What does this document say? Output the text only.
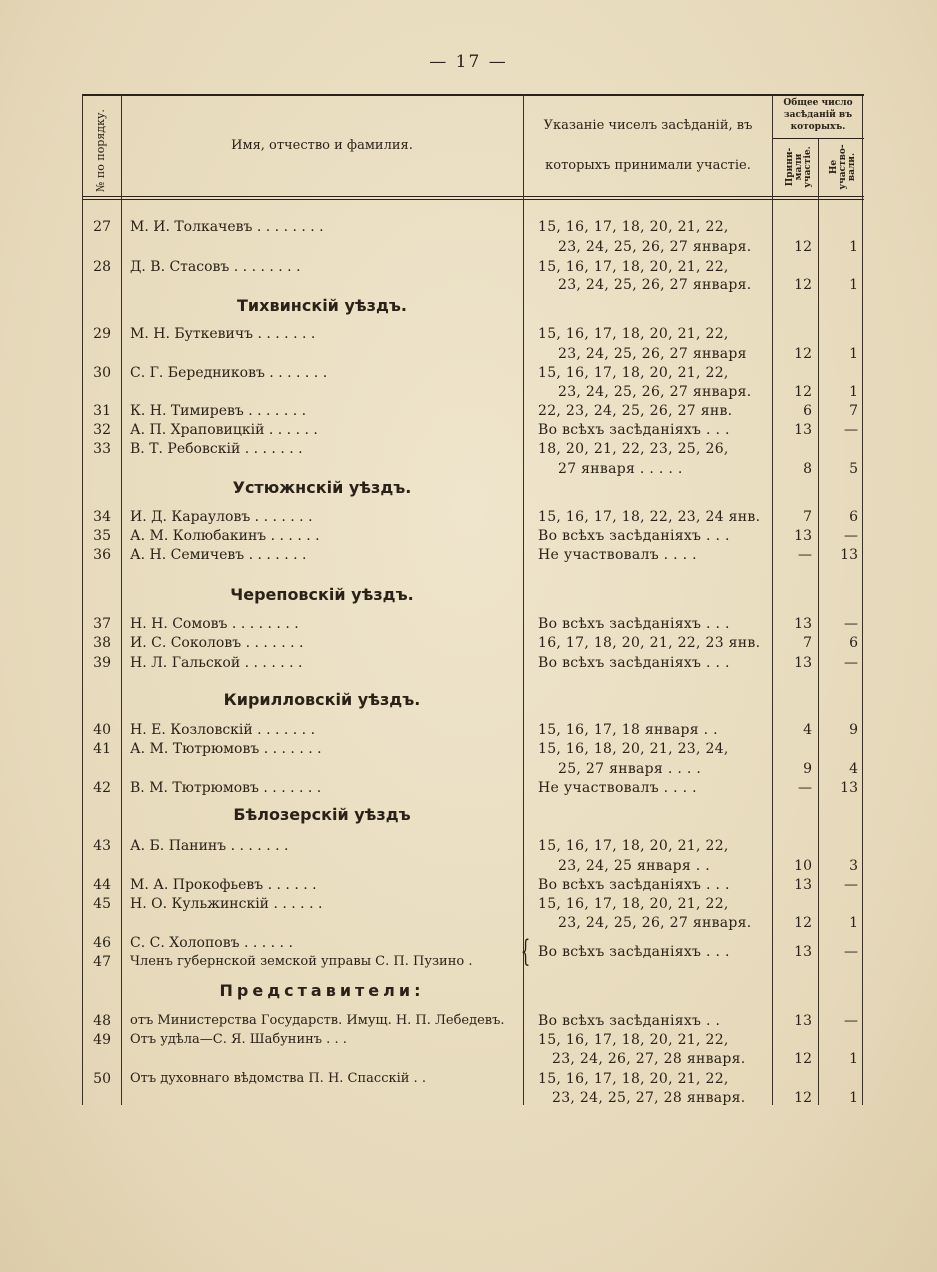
— 17 —
№ по порядку.	Имя, отчество и фамилия.
Указаніе чиселъ засѣданій, въ
которыхъ принимали участіе.
Общее число
засѣданій въ
которыхъ.
Прини-мали участіе. Не участво-вали.
Тихвинскій уѣздъ.
Устюжнскій уѣздъ.
Череповскій уѣздъ.
Кирилловскій уѣздъ.
Бѣлозерскій уѣздъ
Представители:
27 М. И. Толкачевъ . . . . . . . .	15, 16, 17, 18, 20, 21, 22,
23, 24, 25, 26, 27 января.	12	1
28 Д. В. Стасовъ . . . . . . . .	15, 16, 17, 18, 20, 21, 22,
23, 24, 25, 26, 27 января.	12	1
29 М. Н. Буткевичъ . . . . . . .	15, 16, 17, 18, 20, 21, 22,
23, 24, 25, 26, 27 января	12	1
30 С. Г. Бередниковъ . . . . . . .	15, 16, 17, 18, 20, 21, 22,
23, 24, 25, 26, 27 января.	12	1
31 К. Н. Тимиревъ . . . . . . .	22, 23, 24, 25, 26, 27 янв.	6	7
32 А. П. Храповицкій . . . . . .	Во всѣхъ засѣданіяхъ . . .	13	—
33 В. Т. Ребовскій . . . . . . .	18, 20, 21, 22, 23, 25, 26,
27 января . . . . .	8	5
34 И. Д. Карауловъ . . . . . . .	15, 16, 17, 18, 22, 23, 24 янв.	7	6
35 А. М. Колюбакинъ . . . . . .	Во всѣхъ засѣданіяхъ . . .	13	—
36 А. Н. Семичевъ . . . . . . .	Не участвовалъ . . . .	—	13
37 Н. Н. Сомовъ . . . . . . . .	Во всѣхъ засѣданіяхъ . . .	13	—
38 И. С. Соколовъ . . . . . . .	16, 17, 18, 20, 21, 22, 23 янв.	7	6
39 Н. Л. Гальской . . . . . . .	Во всѣхъ засѣданіяхъ . . .	13	—
40 Н. Е. Козловскій . . . . . . .	15, 16, 17, 18 января . .	4	9
41 А. М. Тютрюмовъ . . . . . . .	15, 16, 18, 20, 21, 23, 24,
25, 27 января . . . .	9	4
42 В. М. Тютрюмовъ . . . . . . .	Не участвовалъ . . . .	—	13
43 А. Б. Панинъ . . . . . . .	15, 16, 17, 18, 20, 21, 22,
23, 24, 25 января . .	10	3
44 М. А. Прокофьевъ . . . . . .	Во всѣхъ засѣданіяхъ . . .	13	—
45 Н. О. Кульжинскій . . . . . .	15, 16, 17, 18, 20, 21, 22,
23, 24, 25, 26, 27 января.	12	1
46 С. С. Холоповъ . . . . . .
47 Членъ губернской земской управы С. П. Пузино . { Во всѣхъ засѣданіяхъ . . .	13	—
48 отъ Министерства Государств. Имущ. Н. П. Лебедевъ. Во всѣхъ засѣданіяхъ . .	13	—
49 Отъ удѣла—С. Я. Шабунинъ . . .	15, 16, 17, 18, 20, 21, 22,
23, 24, 26, 27, 28 января.	12	1
50 Отъ духовнаго вѣдомства П. Н. Спасскій . .	15, 16, 17, 18, 20, 21, 22,
23, 24, 25, 27, 28 января.	12	1
